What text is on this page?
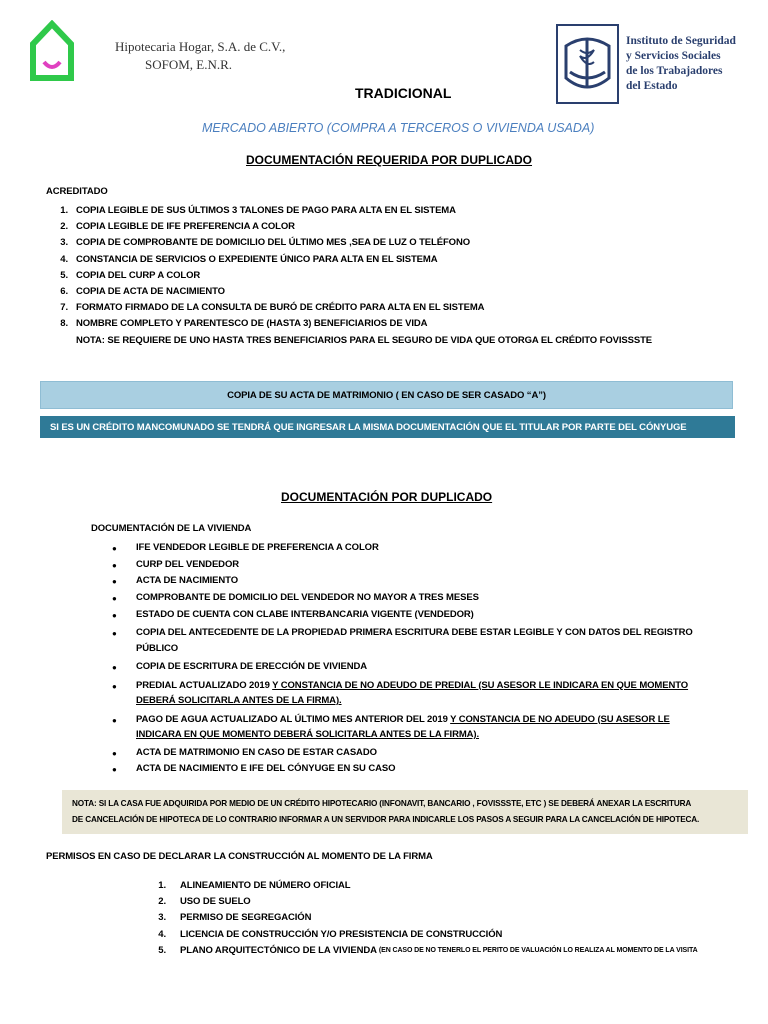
Hipotecaria Hogar, S.A. de C.V.,
SOFOM, E.N.R.
Instituto de Seguridad
y Servicios Sociales
de los Trabajadores
del Estado
TRADICIONAL
MERCADO ABIERTO (COMPRA A TERCEROS O VIVIENDA USADA)
DOCUMENTACIÓN REQUERIDA POR DUPLICADO
ACREDITADO
1. COPIA LEGIBLE DE SUS ÚLTIMOS 3 TALONES DE PAGO PARA ALTA EN EL SISTEMA
2. COPIA LEGIBLE DE IFE PREFERENCIA A COLOR
3. COPIA DE COMPROBANTE DE DOMICILIO DEL ÚLTIMO MES ,SEA DE LUZ O TELÉFONO
4. CONSTANCIA DE SERVICIOS O EXPEDIENTE ÚNICO PARA ALTA EN EL SISTEMA
5. COPIA DEL CURP A COLOR
6. COPIA DE ACTA DE NACIMIENTO
7. FORMATO FIRMADO DE LA CONSULTA DE BURÓ DE CRÉDITO PARA ALTA EN EL SISTEMA
8. NOMBRE COMPLETO Y PARENTESCO DE (HASTA 3) BENEFICIARIOS DE VIDA
NOTA: SE REQUIERE DE UNO HASTA TRES BENEFICIARIOS PARA EL SEGURO DE VIDA QUE OTORGA EL CRÉDITO FOVISSSTE
COPIA DE SU ACTA DE MATRIMONIO ( EN CASO DE SER CASADO “A”)
SI ES UN CRÉDITO MANCOMUNADO SE TENDRÁ QUE INGRESAR LA MISMA DOCUMENTACIÓN QUE EL TITULAR POR PARTE DEL CÓNYUGE
DOCUMENTACIÓN POR DUPLICADO
DOCUMENTACIÓN DE LA VIVIENDA
●	IFE VENDEDOR LEGIBLE DE PREFERENCIA A COLOR
●	CURP DEL VENDEDOR
●	ACTA DE NACIMIENTO
●	COMPROBANTE DE DOMICILIO DEL VENDEDOR NO MAYOR A TRES MESES
●	ESTADO DE CUENTA CON CLABE INTERBANCARIA VIGENTE (VENDEDOR)
●	COPIA DEL ANTECEDENTE DE LA PROPIEDAD PRIMERA ESCRITURA DEBE ESTAR LEGIBLE Y CON DATOS DEL REGISTRO
PÚBLICO
●	COPIA DE ESCRITURA DE ERECCIÓN DE VIVIENDA
●	PREDIAL ACTUALIZADO 2019 Y CONSTANCIA DE NO ADEUDO DE PREDIAL (SU ASESOR LE INDICARA EN QUE MOMENTO
DEBERÁ SOLICITARLA ANTES DE LA FIRMA).
●	PAGO DE AGUA ACTUALIZADO AL ÚLTIMO MES ANTERIOR DEL 2019 Y CONSTANCIA DE NO ADEUDO (SU ASESOR LE
INDICARA EN QUE MOMENTO DEBERÁ SOLICITARLA ANTES DE LA FIRMA).
●	ACTA DE MATRIMONIO EN CASO DE ESTAR CASADO
●	ACTA DE NACIMIENTO E IFE DEL CÓNYUGE EN SU CASO
NOTA: SI LA CASA FUE ADQUIRIDA POR MEDIO DE UN CRÉDITO HIPOTECARIO (INFONAVIT, BANCARIO , FOVISSSTE, ETC ) SE DEBERÁ ANEXAR LA ESCRITURA
DE CANCELACIÓN DE HIPOTECA DE LO CONTRARIO INFORMAR A UN SERVIDOR PARA INDICARLE LOS PASOS A SEGUIR PARA LA CANCELACIÓN DE HIPOTECA.
PERMISOS EN CASO DE DECLARAR LA CONSTRUCCIÓN AL MOMENTO DE LA FIRMA
1. ALINEAMIENTO DE NÚMERO OFICIAL
2. USO DE SUELO
3. PERMISO DE SEGREGACIÓN
4. LICENCIA DE CONSTRUCCIÓN Y/O PRESISTENCIA DE CONSTRUCCIÓN
5. PLANO ARQUITECTÓNICO DE LA VIVIENDA (EN CASO DE NO TENERLO EL PERITO DE VALUACIÓN LO REALIZA AL MOMENTO DE LA VISITA
